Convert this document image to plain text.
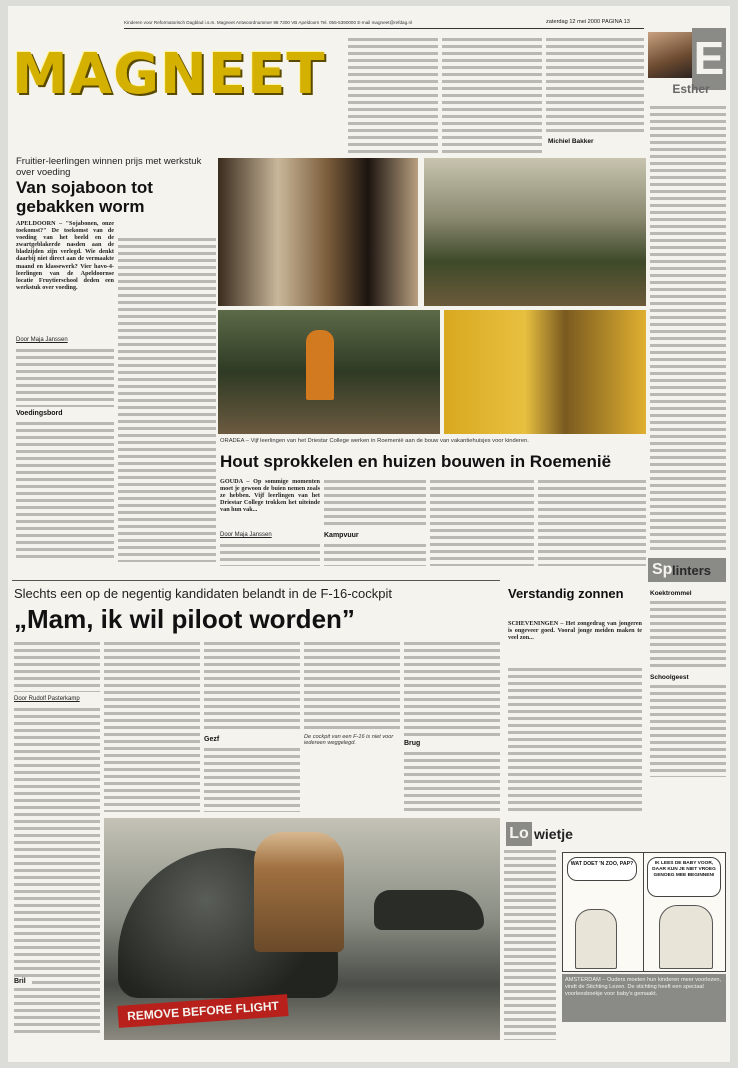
MAGNEET
Kinderen voor Reformatorisch Dagblad i.s.m. Magneet Antwoordnummer 98 7300 VB Apeldoorn Tel. 055-5390000 E-mail magneet@refdag.nl	zaterdag 12 mei 2000 PAGINA 13
Michiel Bakker
E
Esther
Fruitier-leerlingen winnen prijs met werkstuk over voeding
Van sojaboon tot gebakken worm
APELDOORN – "Sojabonen, onze toekomst?" De toekomst van de voeding van het beeld en de zwartgeblakerde nasden aan de bladzijden zijn verlegd. Wie denkt daarbij niet direct aan de vermaakte maand en klassewerk? Vier havo-4-leerlingen van de Apeldoornse locatie Fruytierschool deden een werkstuk over voeding.
Door Maja Janssen
Voedingsbord
ORADEA – Vijf leerlingen van het Driestar College werken in Roemenië aan de bouw van vakantiehuisjes voor kinderen.
Hout sprokkelen en huizen bouwen in Roemenië
GOUDA – Op sommige momenten moet je gewoon de buien nemen zoals ze hebben. Vijf leerlingen van het Driestar College trokken het uiteinde van hun vak...
Door Maja Janssen	Kampvuur
Sp linters
Koektrommel
Schoolgeest
Slechts een op de negentig kandidaten belandt in de F-16-cockpit
„Mam, ik wil piloot worden”
Door Rudolf Pasterkamp
Bril
Gezf	De cockpit van een F-16 is niet voor iedereen weggelegd.	Brug
REMOVE BEFORE FLIGHT
Verstandig zonnen
SCHEVENINGEN – Het zongedrag van jongeren is ongeveer goed. Vooral jonge meiden maken te veel zon...
Lo wietje
WAT DOET 'N ZOO, PAP?	IK LEES DE BABY VOOR, DAAR KUN JE NIET VROEG GENOEG MEE BEGINNEN!
AMSTERDAM – Ouders moeten hun kinderen meer voorlezen, vindt de Stichting Lezen. De stichting heeft een speciaal voorleesboekje voor baby's gemaakt.
